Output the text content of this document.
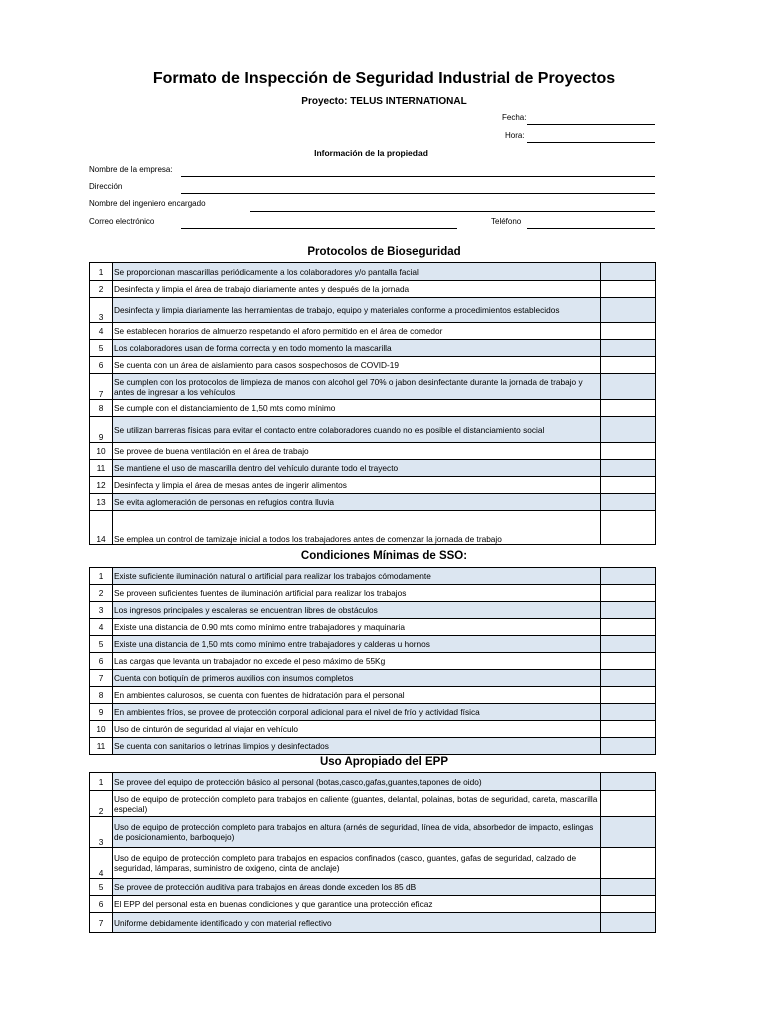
Formato de Inspección de Seguridad Industrial de Proyectos
Proyecto: TELUS INTERNATIONAL
Fecha:
Hora:
Información de la propiedad
Nombre de la empresa:
Dirección
Nombre del ingeniero encargado
Correo electrónico	Teléfono
Protocolos de Bioseguridad
1	Se proporcionan mascarillas periódicamente a los colaboradores y/o pantalla facial	
2	Desinfecta y limpia el área de trabajo diariamente antes y después de la jornada	
3	Desinfecta y limpia diariamente las herramientas de trabajo, equipo y materiales conforme a procedimientos establecidos	
4	Se establecen horarios de almuerzo respetando el aforo permitido en el área de comedor	
5	Los colaboradores usan de forma correcta y en todo momento la mascarilla	
6	Se cuenta con un área de aislamiento para casos sospechosos de COVID-19	
7	Se cumplen con los protocolos de limpieza de manos con alcohol gel 70% o jabon desinfectante durante la jornada de trabajo y antes de ingresar a los vehículos	
8	Se cumple con el distanciamiento de 1,50 mts como mínimo	
9	Se utilizan barreras físicas para evitar el contacto entre colaboradores cuando no es posible el distanciamiento social	
10	Se provee de buena ventilación en el área de trabajo	
11	Se mantiene el uso de mascarilla dentro del vehículo durante todo el trayecto	
12	Desinfecta y limpia el área de mesas antes de ingerir alimentos	
13	Se evita aglomeración de personas en refugios contra lluvia	
14	Se emplea un control de tamizaje inicial a todos los trabajadores antes de comenzar la jornada de trabajo	
Condiciones Mínimas de SSO:
1	Existe suficiente iluminación natural o artificial para realizar los trabajos cómodamente	
2	Se proveen suficientes fuentes de iluminación artificial para realizar los trabajos	
3	Los ingresos principales y escaleras se encuentran libres de obstáculos	
4	Existe una distancia de 0.90 mts como mínimo entre trabajadores y maquinaria	
5	Existe una distancia de 1,50 mts como mínimo entre trabajadores y calderas u hornos	
6	Las cargas que levanta un trabajador no excede el peso máximo de 55Kg	
7	Cuenta con botiquín de primeros auxilios con insumos completos	
8	En ambientes calurosos, se cuenta con fuentes de hidratación para el personal	
9	En ambientes fríos, se provee de protección corporal adicional para el nivel de frío y actividad física	
10	Uso de cinturón de seguridad al viajar en vehículo	
11	Se cuenta con sanitarios o letrinas limpios y desinfectados	
Uso Apropiado del EPP
1	Se provee del equipo de protección básico al personal (botas,casco,gafas,guantes,tapones de oido)	
2	Uso de equipo de protección completo para trabajos en caliente (guantes, delantal, polainas, botas de seguridad, careta, mascarilla especial)	
3	Uso de equipo de protección completo para trabajos en altura (arnés de seguridad, línea de vida, absorbedor de impacto, eslingas de posicionamiento, barboquejo)	
4	Uso de equipo de protección completo para trabajos en espacios confinados (casco, guantes, gafas de seguridad, calzado de seguridad, lámparas, suministro de oxigeno, cinta de anclaje)	
5	Se provee de protección auditiva para trabajos en áreas donde exceden los 85 dB	
6	El EPP del personal esta en buenas condiciones y que garantice una protección eficaz	
7	Uniforme debidamente identificado y con material reflectivo	
